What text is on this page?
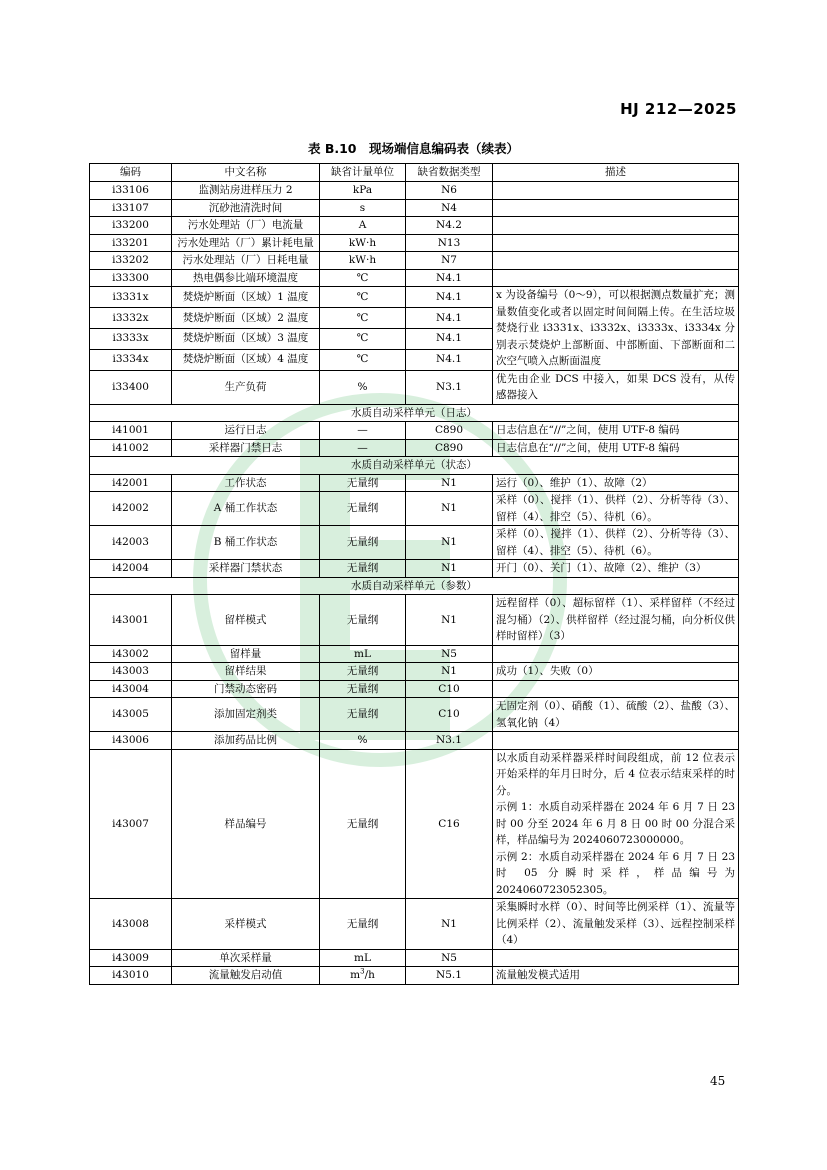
HJ 212—2025
表 B.10　现场端信息编码表（续表）
编码	中文名称	缺省计量单位	缺省数据类型	描述
i33106	监测站房进样压力 2	kPa	N6	
i33107	沉砂池清洗时间	s	N4	
i33200	污水处理站（厂）电流量	A	N4.2	
i33201	污水处理站（厂）累计耗电量	kW·h	N13	
i33202	污水处理站（厂）日耗电量	kW·h	N7	
i33300	热电偶参比端环境温度	℃	N4.1	
i3331x	焚烧炉断面（区域）1 温度	℃	N4.1	x 为设备编号（0～9），可以根据测点数量扩充；测量数值变化或者以固定时间间隔上传。在生活垃圾焚烧行业 i3331x、i3332x、i3333x、i3334x 分别表示焚烧炉上部断面、中部断面、下部断面和二次空气喷入点断面温度
i3332x	焚烧炉断面（区域）2 温度	℃	N4.1	
i3333x	焚烧炉断面（区域）3 温度	℃	N4.1	
i3334x	焚烧炉断面（区域）4 温度	℃	N4.1	
i33400	生产负荷	%	N3.1	优先由企业 DCS 中接入，如果 DCS 没有，从传感器接入
水质自动采样单元（日志）				
i41001	运行日志	—	C890	日志信息在“//”之间，使用 UTF-8 编码
i41002	采样器门禁日志	—	C890	日志信息在“//”之间，使用 UTF-8 编码
水质自动采样单元（状态）				
i42001	工作状态	无量纲	N1	运行（0）、维护（1）、故障（2）
i42002	A 桶工作状态	无量纲	N1	采样（0）、搅拌（1）、供样（2）、分析等待（3）、留样（4）、排空（5）、待机（6）。
i42003	B 桶工作状态	无量纲	N1	采样（0）、搅拌（1）、供样（2）、分析等待（3）、留样（4）、排空（5）、待机（6）。
i42004	采样器门禁状态	无量纲	N1	开门（0）、关门（1）、故障（2）、维护（3）
水质自动采样单元（参数）				
i43001	留样模式	无量纲	N1	远程留样（0）、超标留样（1）、采样留样（不经过混匀桶）（2）、供样留样（经过混匀桶，向分析仪供样时留样）（3）
i43002	留样量	mL	N5	
i43003	留样结果	无量纲	N1	成功（1）、失败（0）
i43004	门禁动态密码	无量纲	C10	
i43005	添加固定剂类	无量纲	C10	无固定剂（0）、硝酸（1）、硫酸（2）、盐酸（3）、氢氧化钠（4）
i43006	添加药品比例	%	N3.1	
i43007	样品编号	无量纲	C16	以水质自动采样器采样时间段组成，前 12 位表示开始采样的年月日时分，后 4 位表示结束采样的时分。
示例 1：水质自动采样器在 2024 年 6 月 7 日 23 时 00 分至 2024 年 6 月 8 日 00 时 00 分混合采样，样品编号为 2024060723000000。
示例 2：水质自动采样器在 2024 年 6 月 7 日 23 时 05 分瞬时采样，样品编号为 2024060723052305。

i43008	采样模式	无量纲	N1	采集瞬时水样（0）、时间等比例采样（1）、流量等比例采样（2）、流量触发采样（3）、远程控制采样（4）
i43009	单次采样量	mL	N5	
i43010	流量触发启动值	$m^3/h$	N5.1	流量触发模式适用
45
